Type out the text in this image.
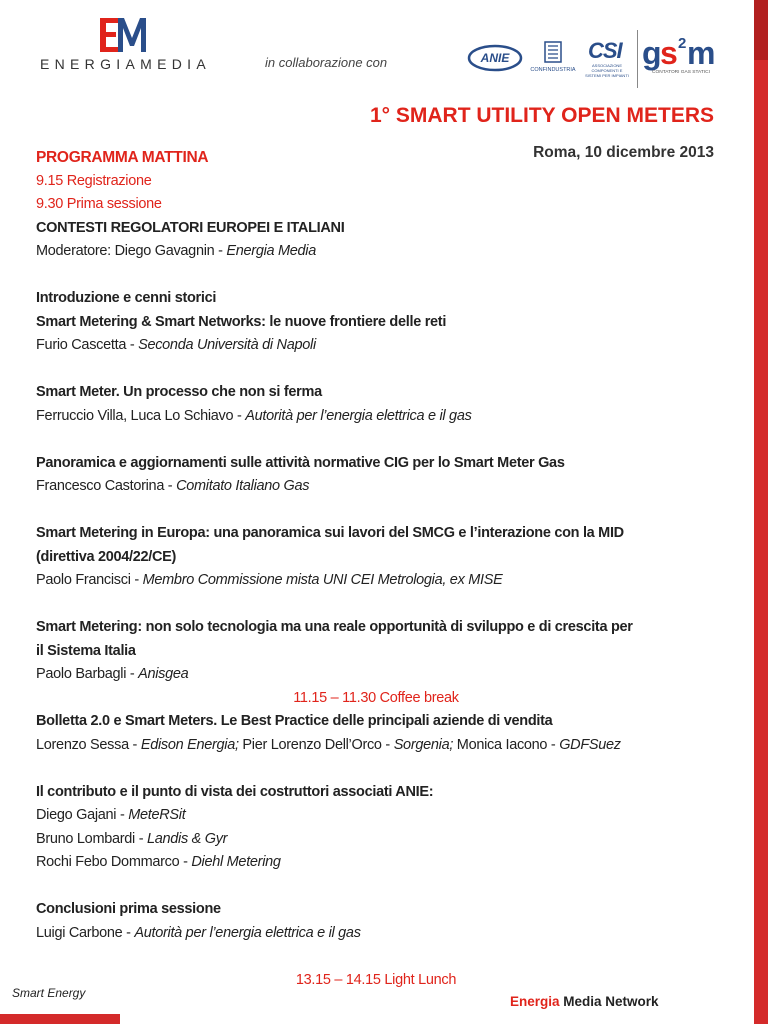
ENERGIAMEDIA	in collaborazione con	ANIE
CONFINDUSTRIA
CSI
ASSOCIAZIONE COMPONENTI E SISTEMI PER IMPIANTI
g
s 2 m
CONTATORI GAS STATICI
1° SMART UTILITY OPEN METERS
Roma, 10 dicembre 2013
PROGRAMMA MATTINA
9.15 Registrazione
9.30 Prima sessione
CONTESTI REGOLATORI EUROPEI E ITALIANI
Moderatore: Diego Gavagnin - Energia Media
Introduzione e cenni storici
Smart Metering & Smart Networks: le nuove frontiere delle reti
Furio Cascetta - Seconda Università di Napoli
Smart Meter. Un processo che non si ferma
Ferruccio Villa, Luca Lo Schiavo - Autorità per l’energia elettrica e il gas
Panoramica e aggiornamenti sulle attività normative CIG per lo Smart Meter Gas
Francesco Castorina - Comitato Italiano Gas
Smart Metering in Europa: una panoramica sui lavori del SMCG e l’interazione con la MID
(direttiva 2004/22/CE)
Paolo Francisci - Membro Commissione mista UNI CEI Metrologia, ex MISE
Smart Metering: non solo tecnologia ma una reale opportunità di sviluppo e di crescita per
il Sistema Italia
Paolo Barbagli - Anisgea
11.15 – 11.30 Coffee break
Bolletta 2.0 e Smart Meters. Le Best Practice delle principali aziende di vendita
Lorenzo Sessa - Edison Energia; Pier Lorenzo Dell’Orco - Sorgenia; Monica Iacono - GDFSuez
Il contributo e il punto di vista dei costruttori associati ANIE:
Diego Gajani - MeteRSit
Bruno Lombardi - Landis & Gyr
Rochi Febo Dommarco - Diehl Metering
Conclusioni prima sessione
Luigi Carbone - Autorità per l’energia elettrica e il gas
13.15 – 14.15 Light Lunch
Smart Energy
Energia Media Network
